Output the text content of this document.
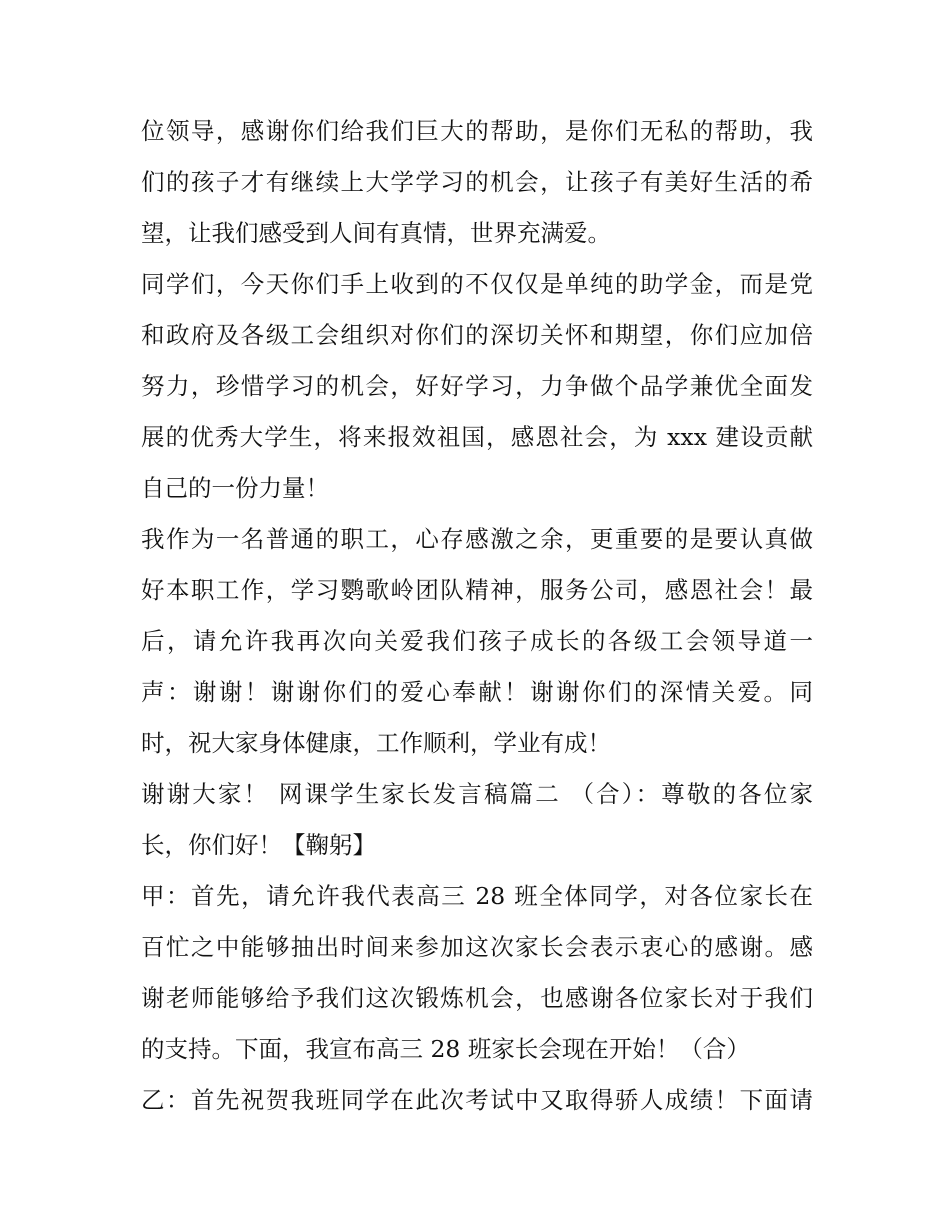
位领导，感谢你们给我们巨大的帮助，是你们无私的帮助，我
们的孩子才有继续上大学学习的机会，让孩子有美好生活的希
望，让我们感受到人间有真情，世界充满爱。
同学们，今天你们手上收到的不仅仅是单纯的助学金，而是党
和政府及各级工会组织对你们的深切关怀和期望，你们应加倍
努力，珍惜学习的机会，好好学习，力争做个品学兼优全面发
展的优秀大学生，将来报效祖国，感恩社会，为 xxx 建设贡献
自己的一份力量！
我作为一名普通的职工，心存感激之余，更重要的是要认真做
好本职工作，学习鹦歌岭团队精神，服务公司，感恩社会！最
后，请允许我再次向关爱我们孩子成长的各级工会领导道一
声：谢谢！谢谢你们的爱心奉献！谢谢你们的深情关爱。同
时，祝大家身体健康，工作顺利，学业有成！
谢谢大家！ 网课学生家长发言稿篇二 （合）：尊敬的各位家
长，你们好！【鞠躬】
甲：首先，请允许我代表高三 28 班全体同学，对各位家长在
百忙之中能够抽出时间来参加这次家长会表示衷心的感谢。感
谢老师能够给予我们这次锻炼机会，也感谢各位家长对于我们
的支持。下面，我宣布高三 28 班家长会现在开始！（合）
乙：首先祝贺我班同学在此次考试中又取得骄人成绩！下面请
